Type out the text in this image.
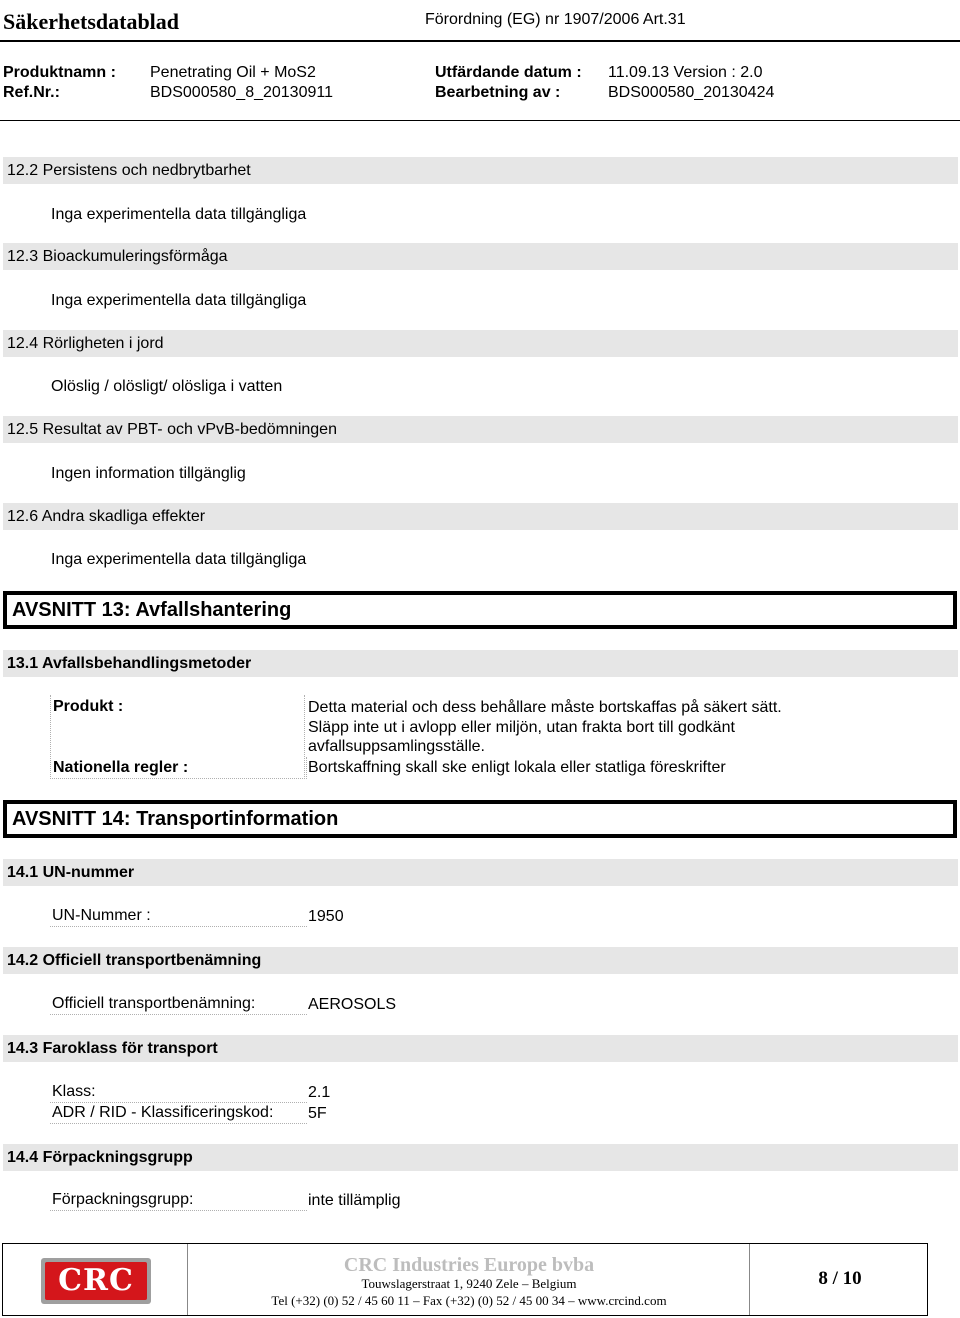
Säkerhetsdatablad	Förordning (EG) nr 1907/2006 Art.31
Produktnamn : Penetrating Oil + MoS2	Utfärdande datum : 11.09.13 Version : 2.0
Ref.Nr.:	BDS000580_8_20130911	Bearbetning av :	BDS000580_20130424
12.2 Persistens och nedbrytbarhet
Inga experimentella data tillgängliga
12.3 Bioackumuleringsförmåga
Inga experimentella data tillgängliga
12.4 Rörligheten i jord
Olöslig / olösligt/ olösliga i vatten
12.5 Resultat av PBT- och vPvB-bedömningen
Ingen information tillgänglig
12.6 Andra skadliga effekter
Inga experimentella data tillgängliga
AVSNITT 13: Avfallshantering
13.1 Avfallsbehandlingsmetoder
Produkt :	Detta material och dess behållare måste bortskaffas på säkert sätt.
Släpp inte ut i avlopp eller miljön, utan frakta bort till godkänt
avfallsuppsamlingsställe.
Nationella regler :	Bortskaffning skall ske enligt lokala eller statliga föreskrifter
AVSNITT 14: Transportinformation
14.1 UN-nummer
UN-Nummer :	1950
14.2 Officiell transportbenämning
Officiell transportbenämning:	AEROSOLS
14.3 Faroklass för transport
Klass:	2.1
ADR / RID - Klassificeringskod:	5F
14.4 Förpackningsgrupp
Förpackningsgrupp:	inte tillämplig
CRC	CRC Industries Europe bvba
Touwslagerstraat 1, 9240 Zele – Belgium
Tel (+32) (0) 52 / 45 60 11 – Fax (+32) (0) 52 / 45 00 34 – www.crcind.com
8 / 10
